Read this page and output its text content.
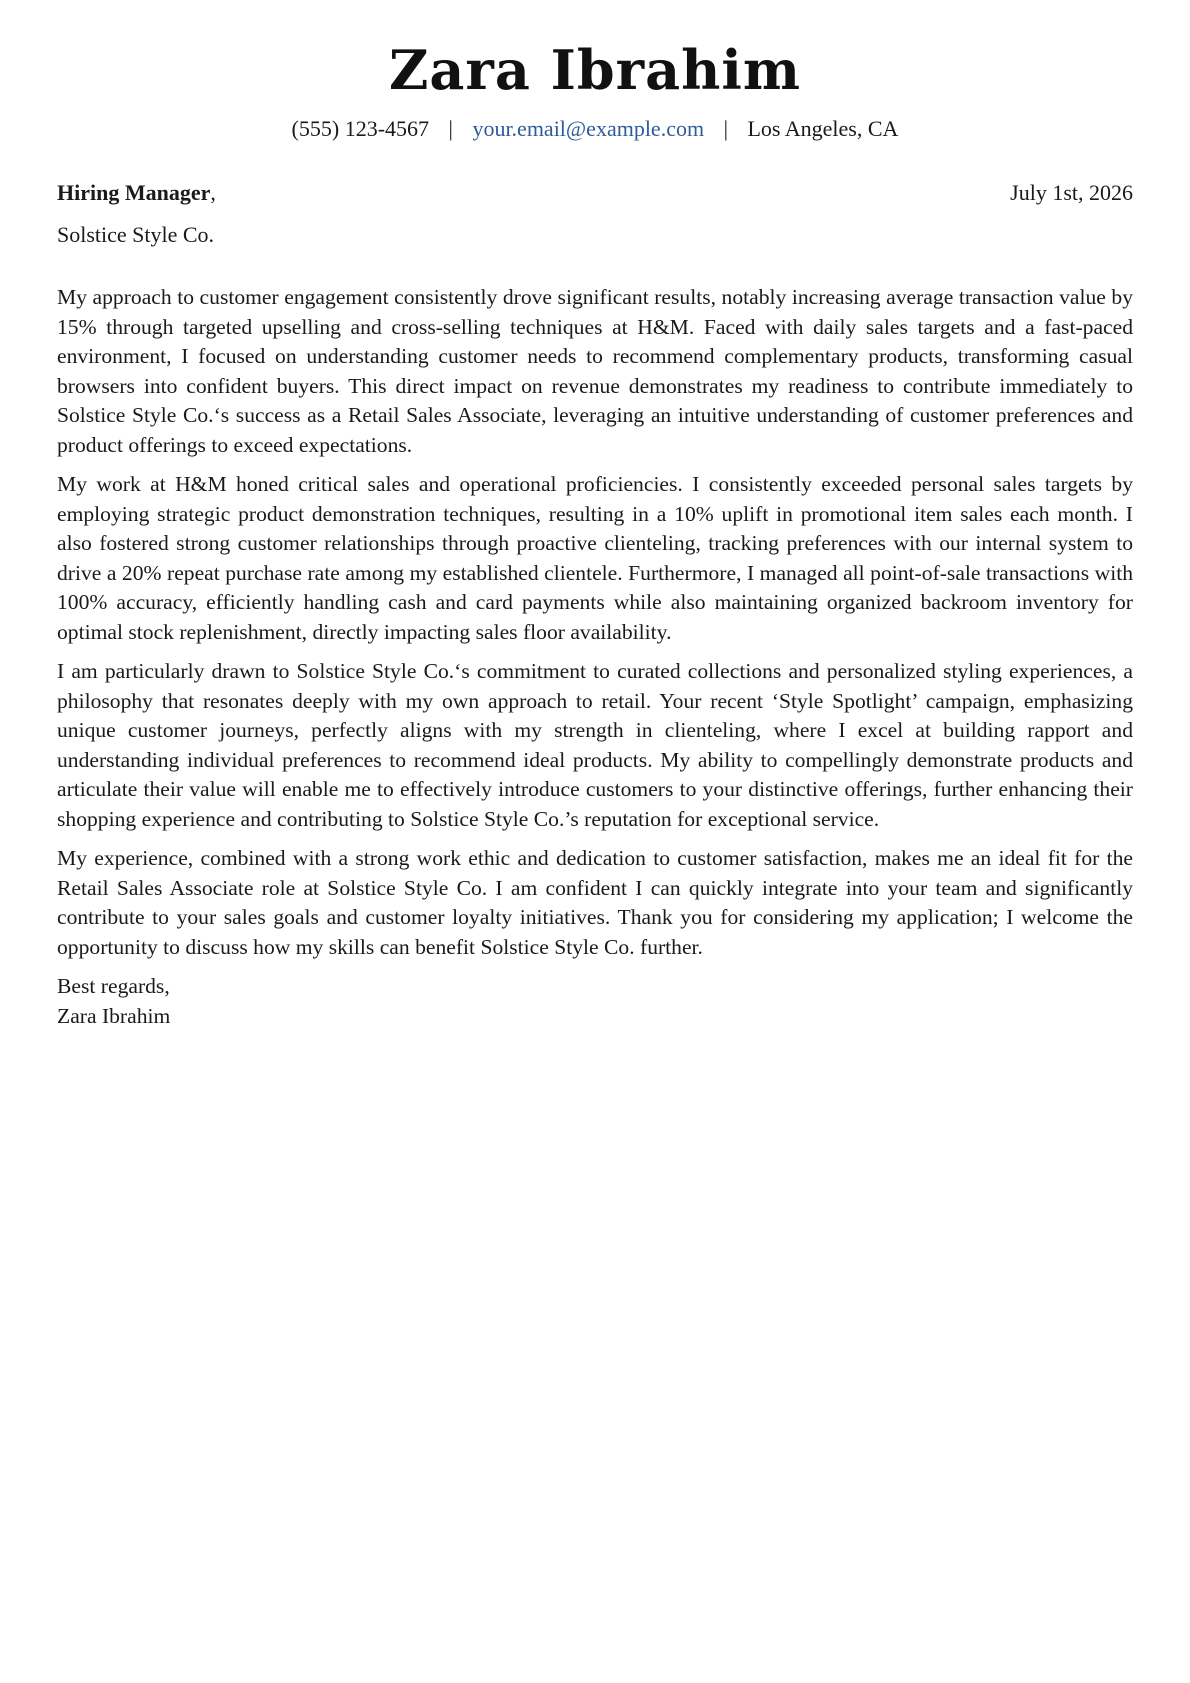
Zara Ibrahim
(555) 123-4567 | your.email@example.com | Los Angeles, CA
Hiring Manager,	July 1st, 2026
Solstice Style Co.

My approach to customer engagement consistently drove significant results, notably increasing average transaction value by 15% through targeted upselling and cross-selling techniques at H&M. Faced with daily sales targets and a fast-paced environment, I focused on understanding customer needs to recommend complementary products, transforming casual browsers into confident buyers. This direct impact on revenue demonstrates my readiness to contribute immediately to Solstice Style Co.‘s success as a Retail Sales Associate, leveraging an intuitive understanding of customer preferences and product offerings to exceed expectations.

My work at H&M honed critical sales and operational proficiencies. I consistently exceeded personal sales targets by employing strategic product demonstration techniques, resulting in a 10% uplift in promotional item sales each month. I also fostered strong customer relationships through proactive clienteling, tracking preferences with our internal system to drive a 20% repeat purchase rate among my established clientele. Furthermore, I managed all point-of-sale transactions with 100% accuracy, efficiently handling cash and card payments while also maintaining organized backroom inventory for optimal stock replenishment, directly impacting sales floor availability.

I am particularly drawn to Solstice Style Co.‘s commitment to curated collections and personalized styling experiences, a philosophy that resonates deeply with my own approach to retail. Your recent ‘Style Spotlight’ campaign, emphasizing unique customer journeys, perfectly aligns with my strength in clienteling, where I excel at building rapport and understanding individual preferences to recommend ideal products. My ability to compellingly demonstrate products and articulate their value will enable me to effectively introduce customers to your distinctive offerings, further enhancing their shopping experience and contributing to Solstice Style Co.’s reputation for exceptional service.

My experience, combined with a strong work ethic and dedication to customer satisfaction, makes me an ideal fit for the Retail Sales Associate role at Solstice Style Co. I am confident I can quickly integrate into your team and significantly contribute to your sales goals and customer loyalty initiatives. Thank you for considering my application; I welcome the opportunity to discuss how my skills can benefit Solstice Style Co. further.

Best regards,
Zara Ibrahim
